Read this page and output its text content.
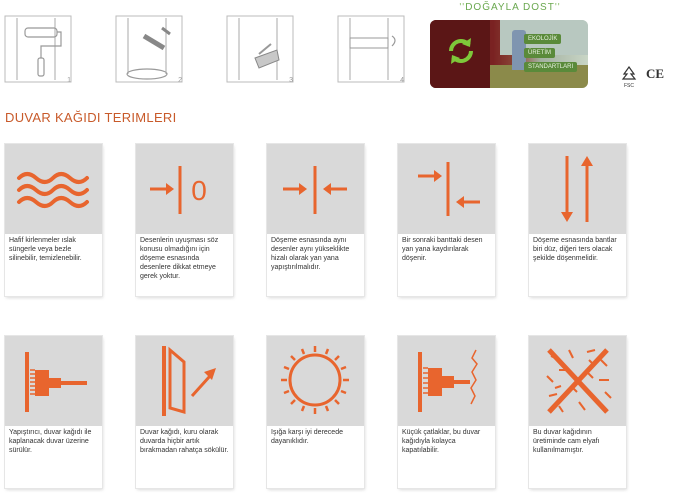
1	2	3	4
''DOĞAYLA DOST''
EKOLOJİK
ÜRETİM
STANDARTLARI
FSC
CE
DUVAR KAĞIDI TERIMLERI
Hafif kirlenmeler ıslak süngerle veya bezle silinebilir, temizlenebilir.
0
Desenlerin uyuşması söz konusu olmadığını için döşeme esnasında desenlere dikkat etmeye gerek yoktur.
Döşeme esnasında aynı desenler aynı yükseklikte hizalı olarak yan yana yapıştırılmalıdır.
Bir sonraki banttaki desen yan yana kaydırılarak döşenir.
Döşeme esnasında bantlar biri düz, diğeri ters olacak şekilde döşenmelidir.
Yapıştırıcı, duvar kağıdı ile kaplanacak duvar üzerine sürülür.
Duvar kağıdı, kuru olarak duvarda hiçbir artık bırakmadan rahatça sökülür.
Işığa karşı iyi derecede dayanıklıdır.
Küçük çatlaklar, bu duvar kağıdıyla kolayca kapatılabilir.
Bu duvar kağıdının üretiminde cam elyafı kullanılmamıştır.
